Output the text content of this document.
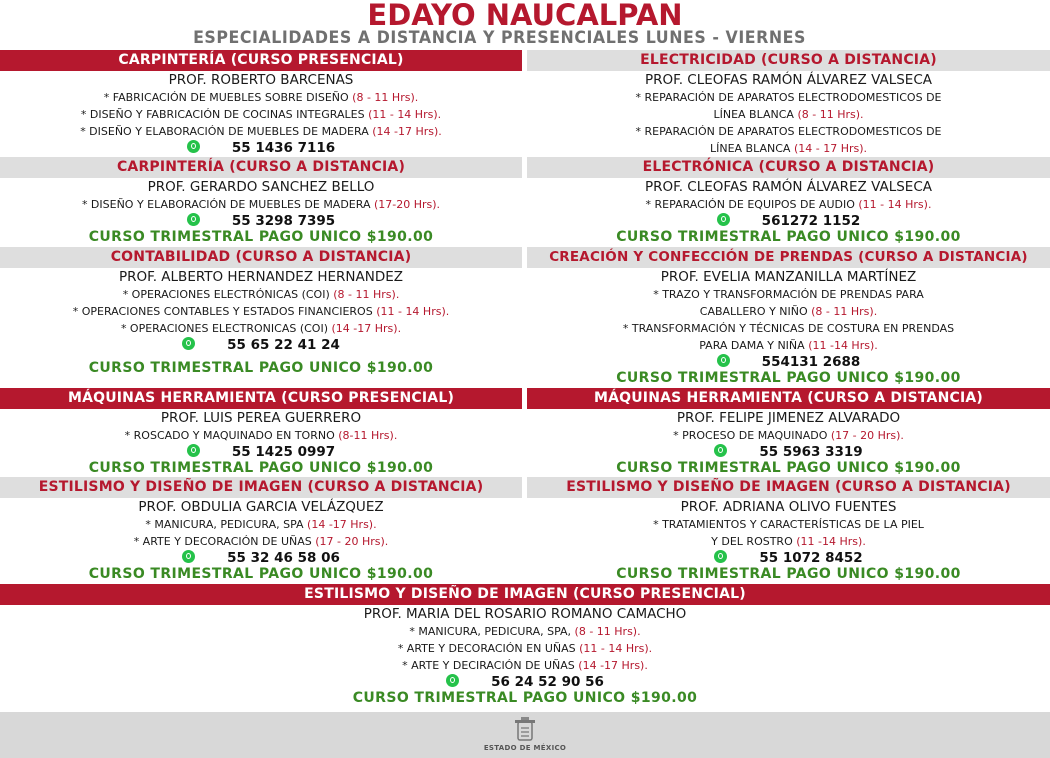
EDAYO NAUCALPAN
ESPECIALIDADES A DISTANCIA Y PRESENCIALES LUNES - VIERNES
CARPINTERÍA (CURSO PRESENCIAL)
PROF. ROBERTO BARCENAS
* FABRICACIÓN DE MUEBLES SOBRE DISEÑO (8 - 11 Hrs).
* DISEÑO Y FABRICACIÓN DE COCINAS INTEGRALES (11 - 14 Hrs).
* DISEÑO Y ELABORACIÓN DE MUEBLES DE MADERA (14 -17 Hrs).
55 1436 7116
CARPINTERÍA (CURSO A DISTANCIA)
PROF. GERARDO SANCHEZ BELLO
* DISEÑO Y ELABORACIÓN DE MUEBLES DE MADERA (17-20 Hrs).
55 3298 7395
CURSO TRIMESTRAL PAGO UNICO $190.00
CONTABILIDAD (CURSO A DISTANCIA)
PROF. ALBERTO HERNANDEZ HERNANDEZ
* OPERACIONES ELECTRÓNICAS (COI) (8 - 11 Hrs).
* OPERACIONES CONTABLES Y ESTADOS FINANCIEROS (11 - 14 Hrs).
* OPERACIONES ELECTRONICAS (COI) (14 -17 Hrs).
55 65 22 41 24
CURSO TRIMESTRAL PAGO UNICO $190.00
MÁQUINAS HERRAMIENTA (CURSO PRESENCIAL)
PROF. LUIS PEREA GUERRERO
* ROSCADO Y MAQUINADO EN TORNO (8-11 Hrs).
55 1425 0997
CURSO TRIMESTRAL PAGO UNICO $190.00
ESTILISMO Y DISEÑO DE IMAGEN (CURSO A DISTANCIA)
PROF. OBDULIA GARCIA VELÁZQUEZ
* MANICURA, PEDICURA, SPA (14 -17 Hrs).
* ARTE Y DECORACIÓN DE UÑAS (17 - 20 Hrs).
55 32 46 58 06
CURSO TRIMESTRAL PAGO UNICO $190.00
ELECTRICIDAD (CURSO A DISTANCIA)
PROF. CLEOFAS RAMÓN ÁLVAREZ VALSECA
* REPARACIÓN DE APARATOS ELECTRODOMESTICOS DE
LÍNEA BLANCA (8 - 11 Hrs).
* REPARACIÓN DE APARATOS ELECTRODOMESTICOS DE
LÍNEA BLANCA (14 - 17 Hrs).
ELECTRÓNICA (CURSO A DISTANCIA)
PROF. CLEOFAS RAMÓN ÁLVAREZ VALSECA
* REPARACIÓN DE EQUIPOS DE AUDIO (11 - 14 Hrs).
561272 1152
CURSO TRIMESTRAL PAGO UNICO $190.00
CREACIÓN Y CONFECCIÓN DE PRENDAS (CURSO A DISTANCIA)
PROF. EVELIA MANZANILLA MARTÍNEZ
* TRAZO Y TRANSFORMACIÓN DE PRENDAS PARA
CABALLERO Y NIÑO (8 - 11 Hrs).
* TRANSFORMACIÓN Y TÉCNICAS DE COSTURA EN PRENDAS
PARA DAMA Y NIÑA (11 -14 Hrs).
554131 2688
CURSO TRIMESTRAL PAGO UNICO $190.00
MÁQUINAS HERRAMIENTA (CURSO A DISTANCIA)
PROF. FELIPE JIMENEZ ALVARADO
* PROCESO DE MAQUINADO (17 - 20 Hrs).
55 5963 3319
CURSO TRIMESTRAL PAGO UNICO $190.00
ESTILISMO Y DISEÑO DE IMAGEN (CURSO A DISTANCIA)
PROF. ADRIANA OLIVO FUENTES
* TRATAMIENTOS Y CARACTERÍSTICAS DE LA PIEL
Y DEL ROSTRO (11 -14 Hrs).
55 1072 8452
CURSO TRIMESTRAL PAGO UNICO $190.00
ESTILISMO Y DISEÑO DE IMAGEN (CURSO PRESENCIAL)
PROF. MARIA DEL ROSARIO ROMANO CAMACHO
* MANICURA, PEDICURA, SPA, (8 - 11 Hrs).
* ARTE Y DECORACIÓN EN UÑAS (11 - 14 Hrs).
* ARTE Y DECIRACIÓN DE UÑAS (14 -17 Hrs).
56 24 52 90 56
CURSO TRIMESTRAL PAGO UNICO $190.00
ESTADO DE MÉXICO
